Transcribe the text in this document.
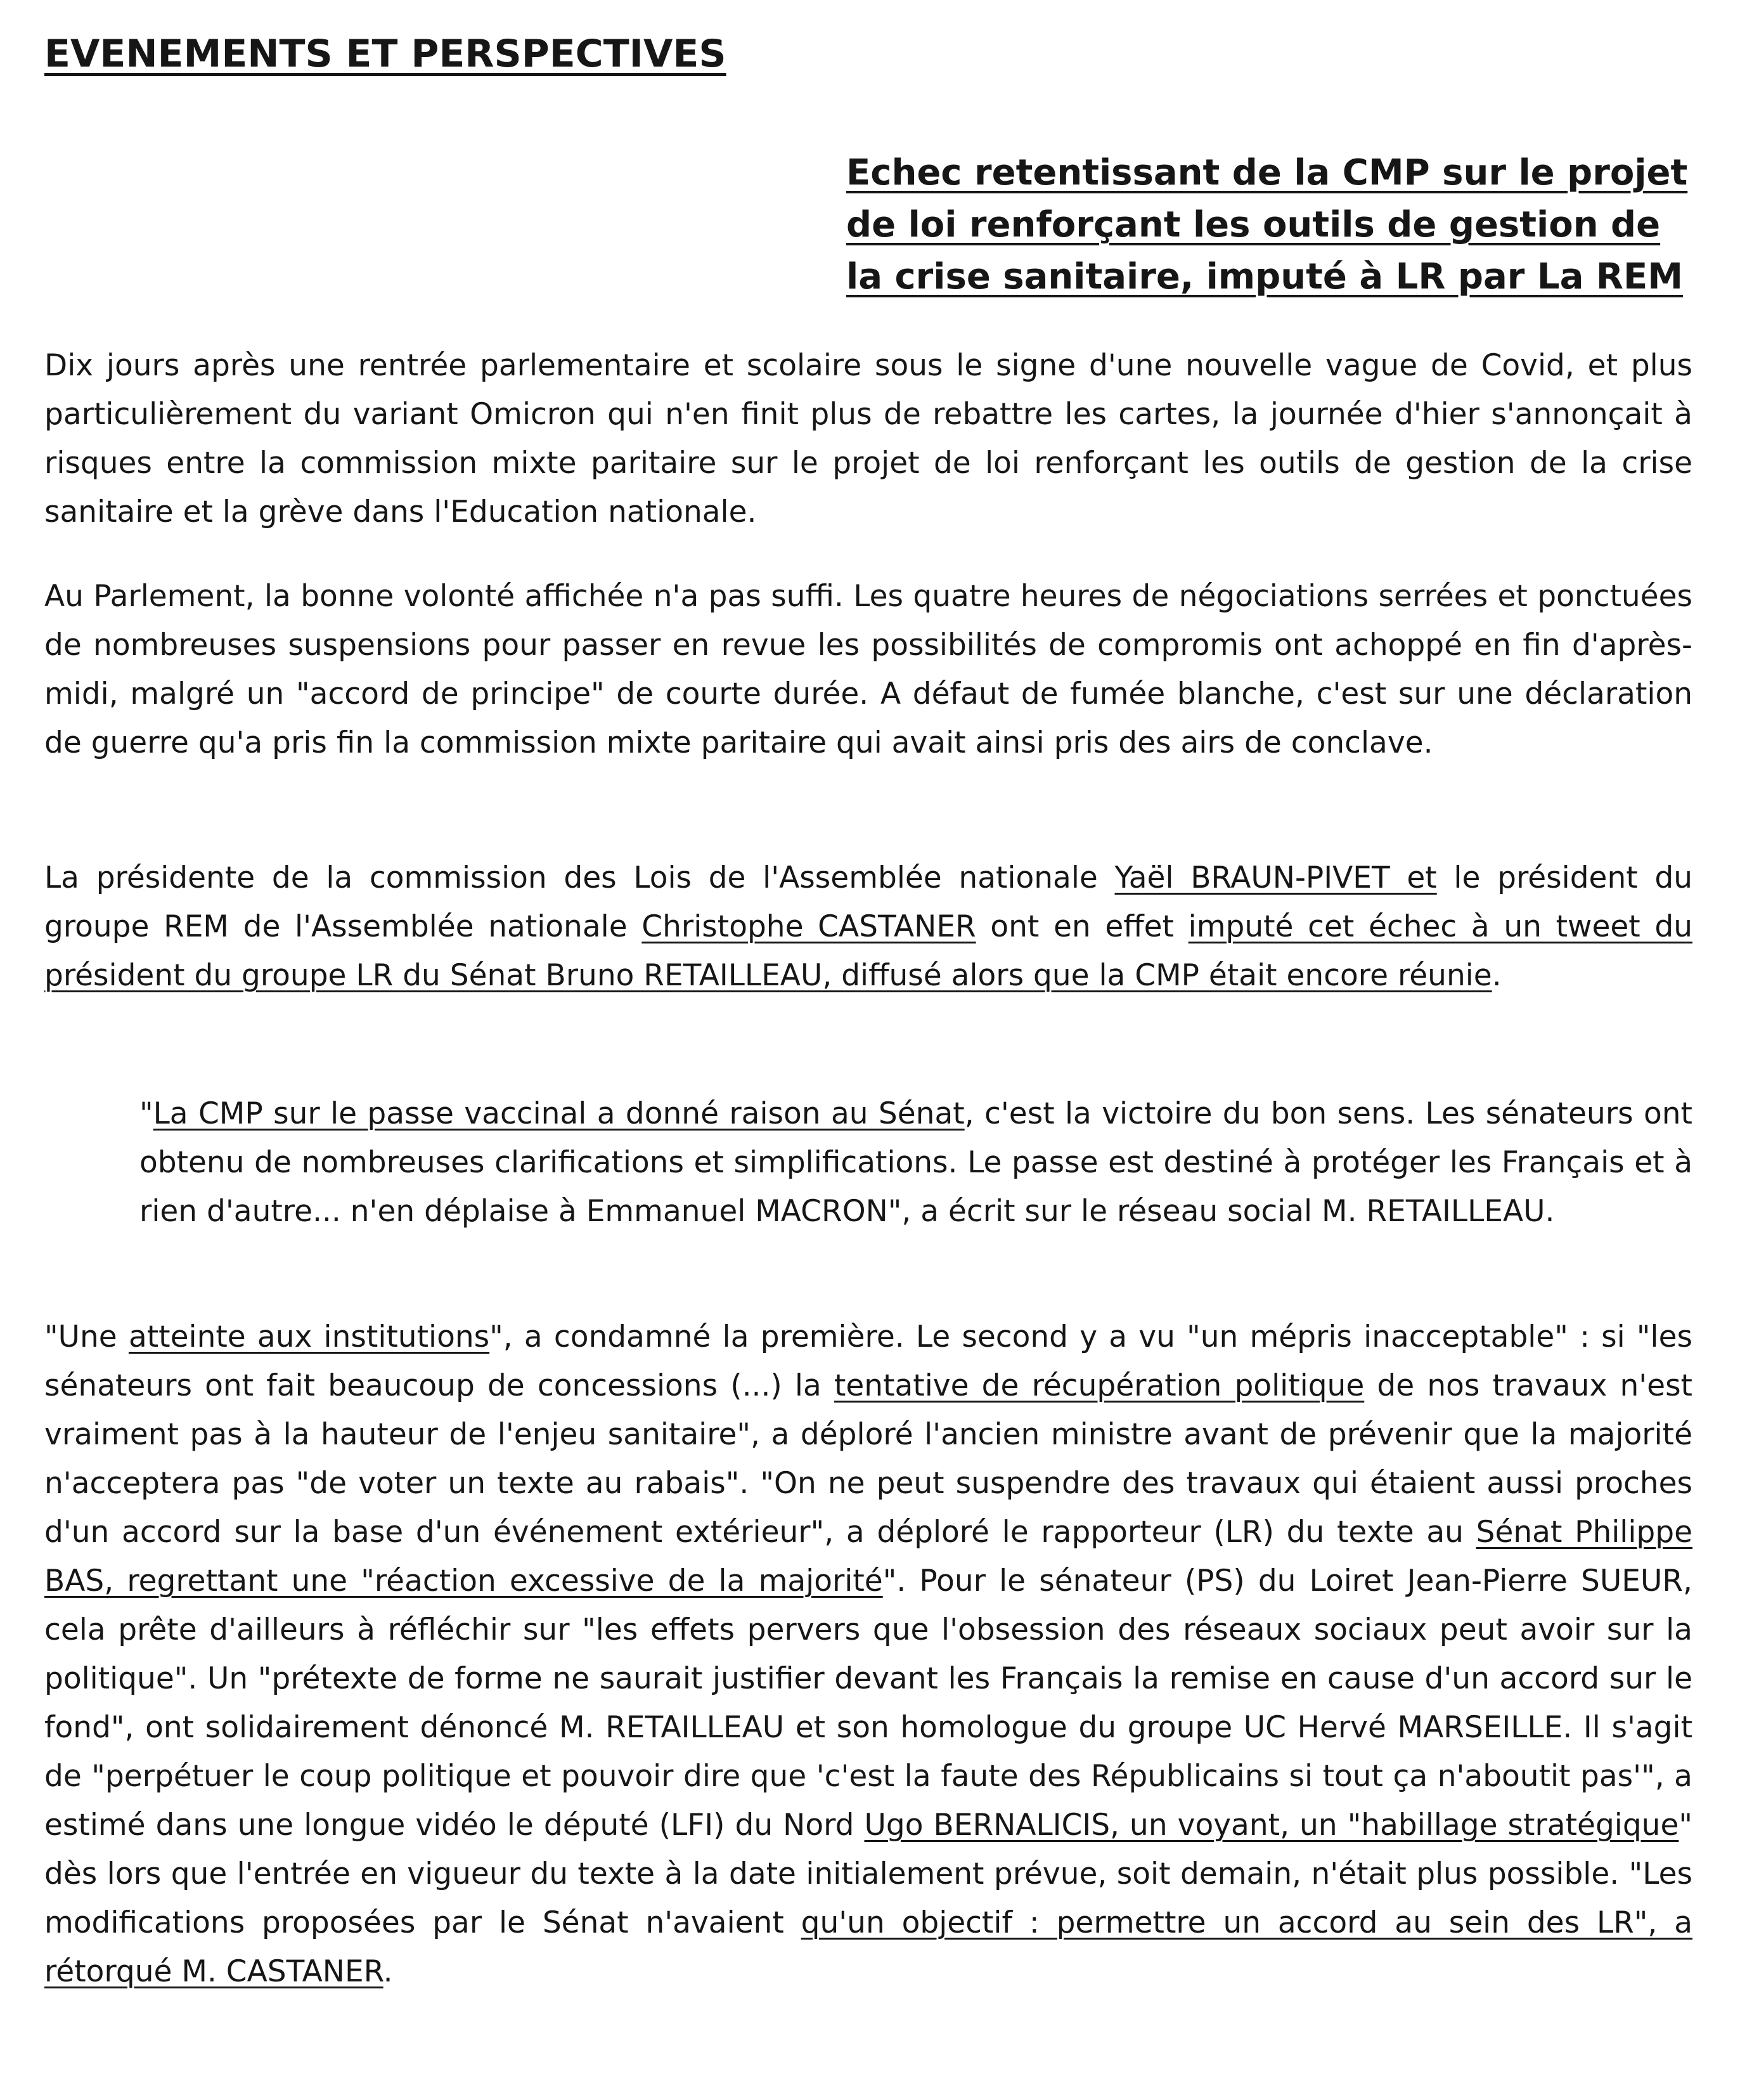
EVENEMENTS ET PERSPECTIVES
Echec retentissant de la CMP sur le projet de loi renforçant les outils de gestion de la crise sanitaire, imputé à LR par La REM

Dix jours après une rentrée parlementaire et scolaire sous le signe d'une nouvelle vague de Covid, et plus particulièrement du variant Omicron qui n'en finit plus de rebattre les cartes, la journée d'hier s'annonçait à risques entre la commission mixte paritaire sur le projet de loi renforçant les outils de gestion de la crise sanitaire et la grève dans l'Education nationale.

Au Parlement, la bonne volonté affichée n'a pas suffi. Les quatre heures de négociations serrées et ponctuées de nombreuses suspensions pour passer en revue les possibilités de compromis ont achoppé en fin d'après-midi, malgré un "accord de principe" de courte durée. A défaut de fumée blanche, c'est sur une déclaration de guerre qu'a pris fin la commission mixte paritaire qui avait ainsi pris des airs de conclave.

La présidente de la commission des Lois de l'Assemblée nationale Yaël BRAUN-PIVET et le président du groupe REM de l'Assemblée nationale Christophe CASTANER ont en effet imputé cet échec à un tweet du président du groupe LR du Sénat Bruno RETAILLEAU, diffusé alors que la CMP était encore réunie.

"La CMP sur le passe vaccinal a donné raison au Sénat, c'est la victoire du bon sens. Les sénateurs ont obtenu de nombreuses clarifications et simplifications. Le passe est destiné à protéger les Français et à rien d'autre... n'en déplaise à Emmanuel MACRON", a écrit sur le réseau social M. RETAILLEAU.

"Une atteinte aux institutions", a condamné la première. Le second y a vu "un mépris inacceptable" : si "les sénateurs ont fait beaucoup de concessions (...) la tentative de récupération politique de nos travaux n'est vraiment pas à la hauteur de l'enjeu sanitaire", a déploré l'ancien ministre avant de prévenir que la majorité n'acceptera pas "de voter un texte au rabais". "On ne peut suspendre des travaux qui étaient aussi proches d'un accord sur la base d'un événement extérieur", a déploré le rapporteur (LR) du texte au Sénat Philippe BAS, regrettant une "réaction excessive de la majorité". Pour le sénateur (PS) du Loiret Jean-Pierre SUEUR, cela prête d'ailleurs à réfléchir sur "les effets pervers que l'obsession des réseaux sociaux peut avoir sur la politique". Un "prétexte de forme ne saurait justifier devant les Français la remise en cause d'un accord sur le fond", ont solidairement dénoncé M. RETAILLEAU et son homologue du groupe UC Hervé MARSEILLE. Il s'agit de "perpétuer le coup politique et pouvoir dire que 'c'est la faute des Républicains si tout ça n'aboutit pas'", a estimé dans une longue vidéo le député (LFI) du Nord Ugo BERNALICIS, un voyant, un "habillage stratégique" dès lors que l'entrée en vigueur du texte à la date initialement prévue, soit demain, n'était plus possible. "Les modifications proposées par le Sénat n'avaient qu'un objectif : permettre un accord au sein des LR", a rétorqué M. CASTANER.
